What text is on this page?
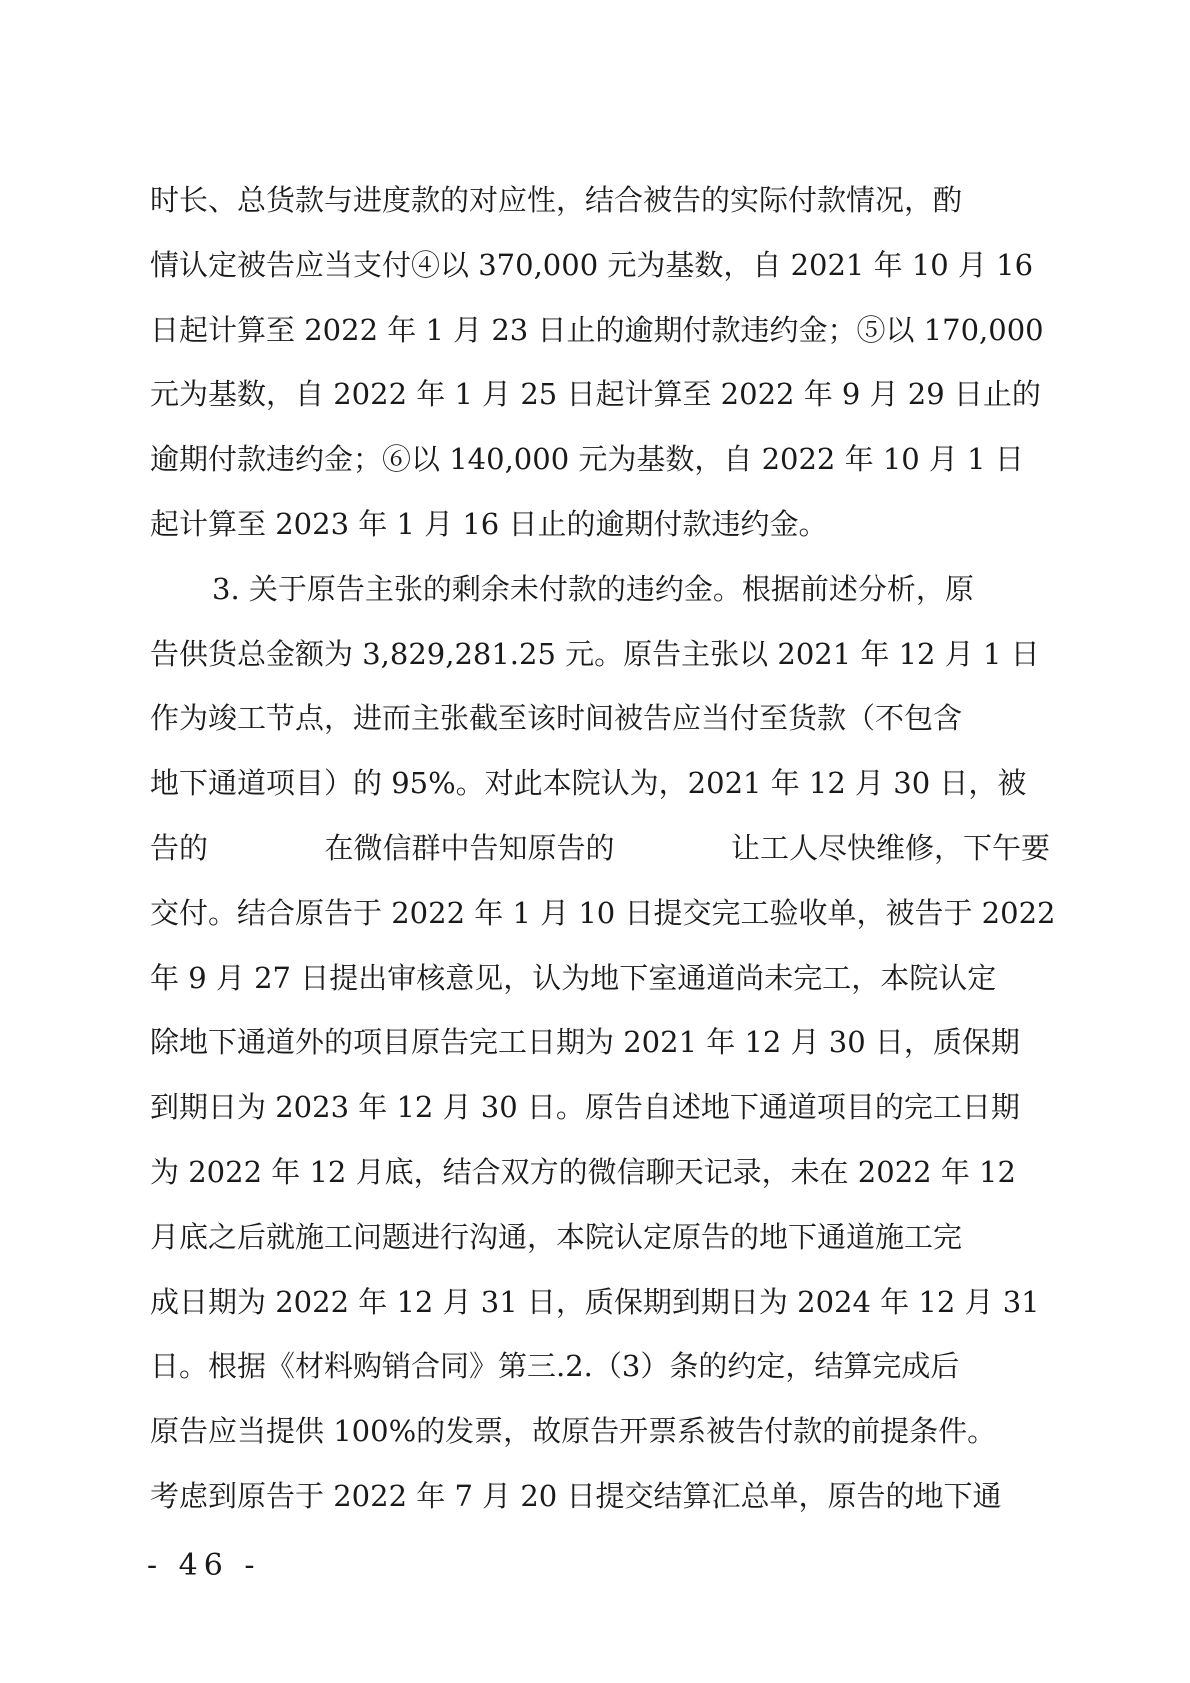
时长、总货款与进度款的对应性，结合被告的实际付款情况，酌
情认定被告应当支付④以 370,000 元为基数，自 2021 年 10 月 16
日起计算至 2022 年 1 月 23 日止的逾期付款违约金；⑤以 170,000
元为基数，自 2022 年 1 月 25 日起计算至 2022 年 9 月 29 日止的
逾期付款违约金；⑥以 140,000 元为基数，自 2022 年 10 月 1 日
起计算至 2023 年 1 月 16 日止的逾期付款违约金。
3. 关于原告主张的剩余未付款的违约金。根据前述分析，原
告供货总金额为 3,829,281.25 元。原告主张以 2021 年 12 月 1 日
作为竣工节点，进而主张截至该时间被告应当付至货款（不包含
地下通道项目）的 95%。对此本院认为，2021 年 12 月 30 日，被
告的	在微信群中告知原告的	让工人尽快维修，下午要
交付。结合原告于 2022 年 1 月 10 日提交完工验收单，被告于 2022
年 9 月 27 日提出审核意见，认为地下室通道尚未完工，本院认定
除地下通道外的项目原告完工日期为 2021 年 12 月 30 日，质保期
到期日为 2023 年 12 月 30 日。原告自述地下通道项目的完工日期
为 2022 年 12 月底，结合双方的微信聊天记录，未在 2022 年 12
月底之后就施工问题进行沟通，本院认定原告的地下通道施工完
成日期为 2022 年 12 月 31 日，质保期到期日为 2024 年 12 月 31
日。根据《材料购销合同》第三.2.（3）条的约定，结算完成后
原告应当提供 100%的发票，故原告开票系被告付款的前提条件。
考虑到原告于 2022 年 7 月 20 日提交结算汇总单，原告的地下通
- 46 -
